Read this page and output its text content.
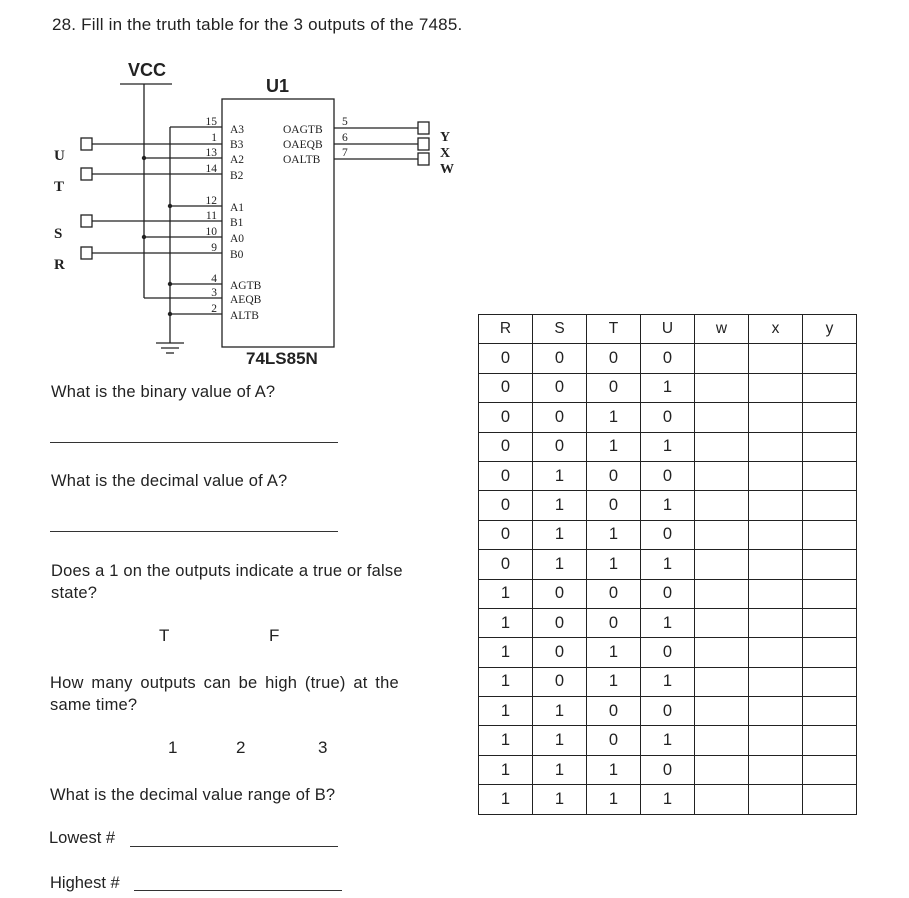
28. Fill in the truth table for the 3 outputs of the 7485.
VCC
U1
74LS85N
U
T
S
R
Y
X
W
15
A3
1
B3
13
A2
14
B2
12
A1
11
B1
10
A0
9
B0
4
AGTB
3
AEQB
2
ALTB
5
OAGTB
6
OAEQB
7
OALTB
What is the binary value of A?
What is the decimal value of A?
Does a 1 on the outputs indicate a true or false
state?
T	F
How many outputs can be high (true) at the
same time?
1	2	3
What is the decimal value range of B?
Lowest #
Highest #
R	S	T	U	w	x	y
0	0	0	0			
0	0	0	1			
0	0	1	0			
0	0	1	1			
0	1	0	0			
0	1	0	1			
0	1	1	0			
0	1	1	1			
1	0	0	0			
1	0	0	1			
1	0	1	0			
1	0	1	1			
1	1	0	0			
1	1	0	1			
1	1	1	0			
1	1	1	1			
